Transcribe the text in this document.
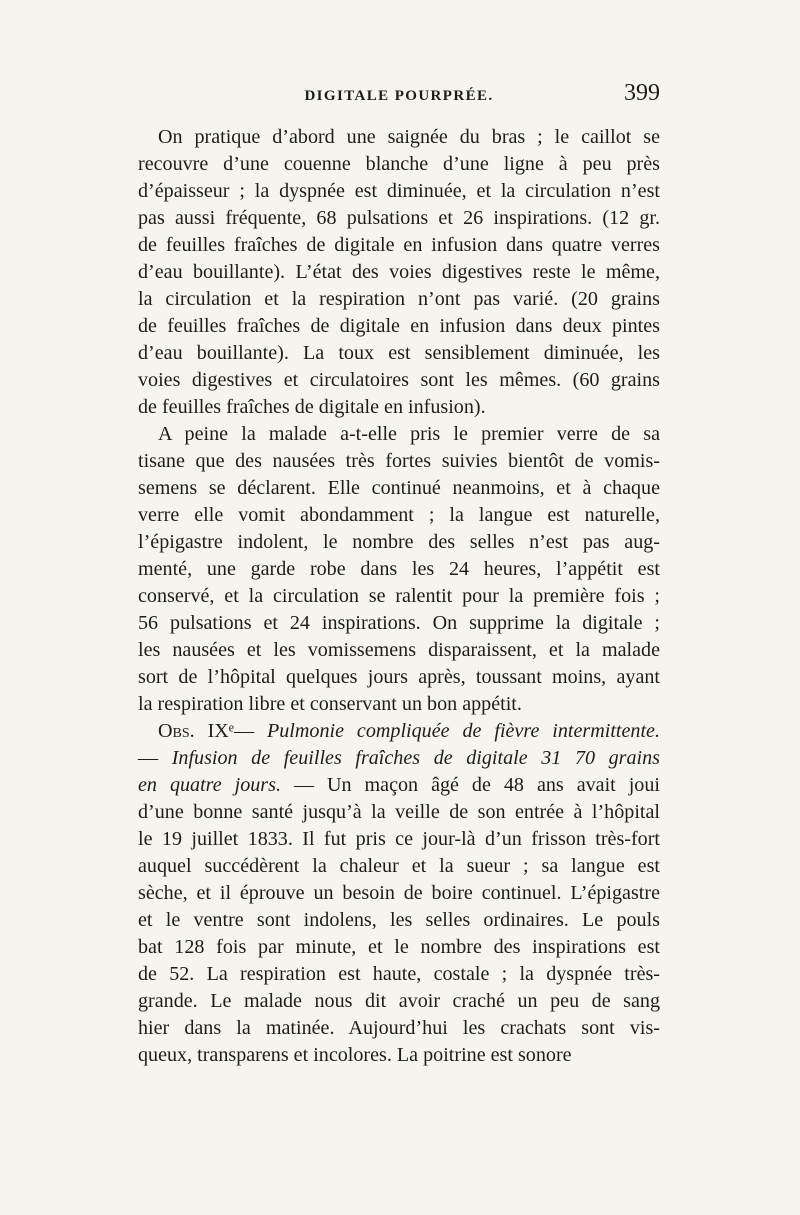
DIGITALE POURPRÉE.	399
On pratique d’abord une saignée du bras ; le caillot se
recouvre d’une couenne blanche d’une ligne à peu près
d’épaisseur ; la dyspnée est diminuée, et la circulation n’est
pas aussi fréquente, 68 pulsations et 26 inspirations. (12 gr.
de feuilles fraîches de digitale en infusion dans quatre verres
d’eau bouillante). L’état des voies digestives reste le même,
la circulation et la respiration n’ont pas varié. (20 grains
de feuilles fraîches de digitale en infusion dans deux pintes
d’eau bouillante). La toux est sensiblement diminuée, les
voies digestives et circulatoires sont les mêmes. (60 grains
de feuilles fraîches de digitale en infusion).
A peine la malade a-t-elle pris le premier verre de sa
tisane que des nausées très fortes suivies bientôt de vomis-
semens se déclarent. Elle continué neanmoins, et à chaque
verre elle vomit abondamment ; la langue est naturelle,
l’épigastre indolent, le nombre des selles n’est pas aug-
menté, une garde robe dans les 24 heures, l’appétit est
conservé, et la circulation se ralentit pour la première fois ;
56 pulsations et 24 inspirations. On supprime la digitale ;
les nausées et les vomissemens disparaissent, et la malade
sort de l’hôpital quelques jours après, toussant moins, ayant
la respiration libre et conservant un bon appétit.
Obs. IXᵉ— Pulmonie compliquée de fièvre intermittente.
— Infusion de feuilles fraîches de digitale 31 70 grains
en quatre jours. — Un maçon âgé de 48 ans avait joui
d’une bonne santé jusqu’à la veille de son entrée à l’hôpital
le 19 juillet 1833. Il fut pris ce jour-là d’un frisson très-fort
auquel succédèrent la chaleur et la sueur ; sa langue est
sèche, et il éprouve un besoin de boire continuel. L’épigastre
et le ventre sont indolens, les selles ordinaires. Le pouls
bat 128 fois par minute, et le nombre des inspirations est
de 52. La respiration est haute, costale ; la dyspnée très-
grande. Le malade nous dit avoir craché un peu de sang
hier dans la matinée. Aujourd’hui les crachats sont vis-
queux, transparens et incolores. La poitrine est sonore
